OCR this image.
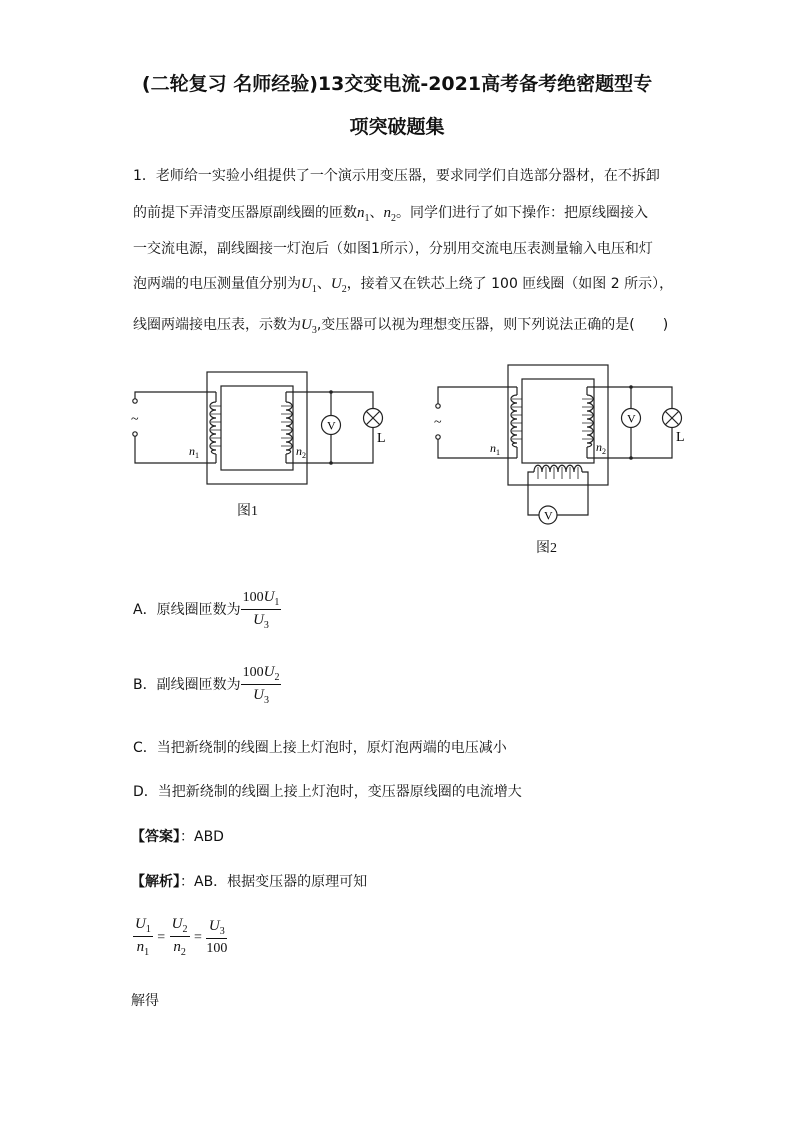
(二轮复习 名师经验)13交变电流-2021高考备考绝密题型专
项突破题集
1．老师给一实验小组提供了一个演示用变压器，要求同学们自选部分器材，在不拆卸
的前提下弄清变压器原副线圈的匝数$n_1$、$n_2$。同学们进行了如下操作：把原线圈接入
一交流电源，副线圈接一灯泡后（如图1所示），分别用交流电压表测量输入电压和灯
泡两端的电压测量值分别为$U_1$、$U_2$，接着又在铁芯上绕了 100 匝线圈（如图 2 所示），
线圈两端接电压表，示数为$U_3$,变压器可以视为理想变压器，则下列说法正确的是(　　)
~	V
L
$n_1$	$n_2$
图1
~	V
V
L
$n_1$	$n_2$
图2
A．原线圈匝数为 $\frac{100U_1}{U_3}$
B．副线圈匝数为 $\frac{100U_2}{U_3}$
C．当把新绕制的线圈上接上灯泡时，原灯泡两端的电压减小
D．当把新绕制的线圈上接上灯泡时，变压器原线圈的电流增大
【答案】：ABD
【解析】：AB．根据变压器的原理可知
$\frac{U_1}{n_1} = \frac{U_2}{n_2} = \frac{U_3}{100}$
解得
